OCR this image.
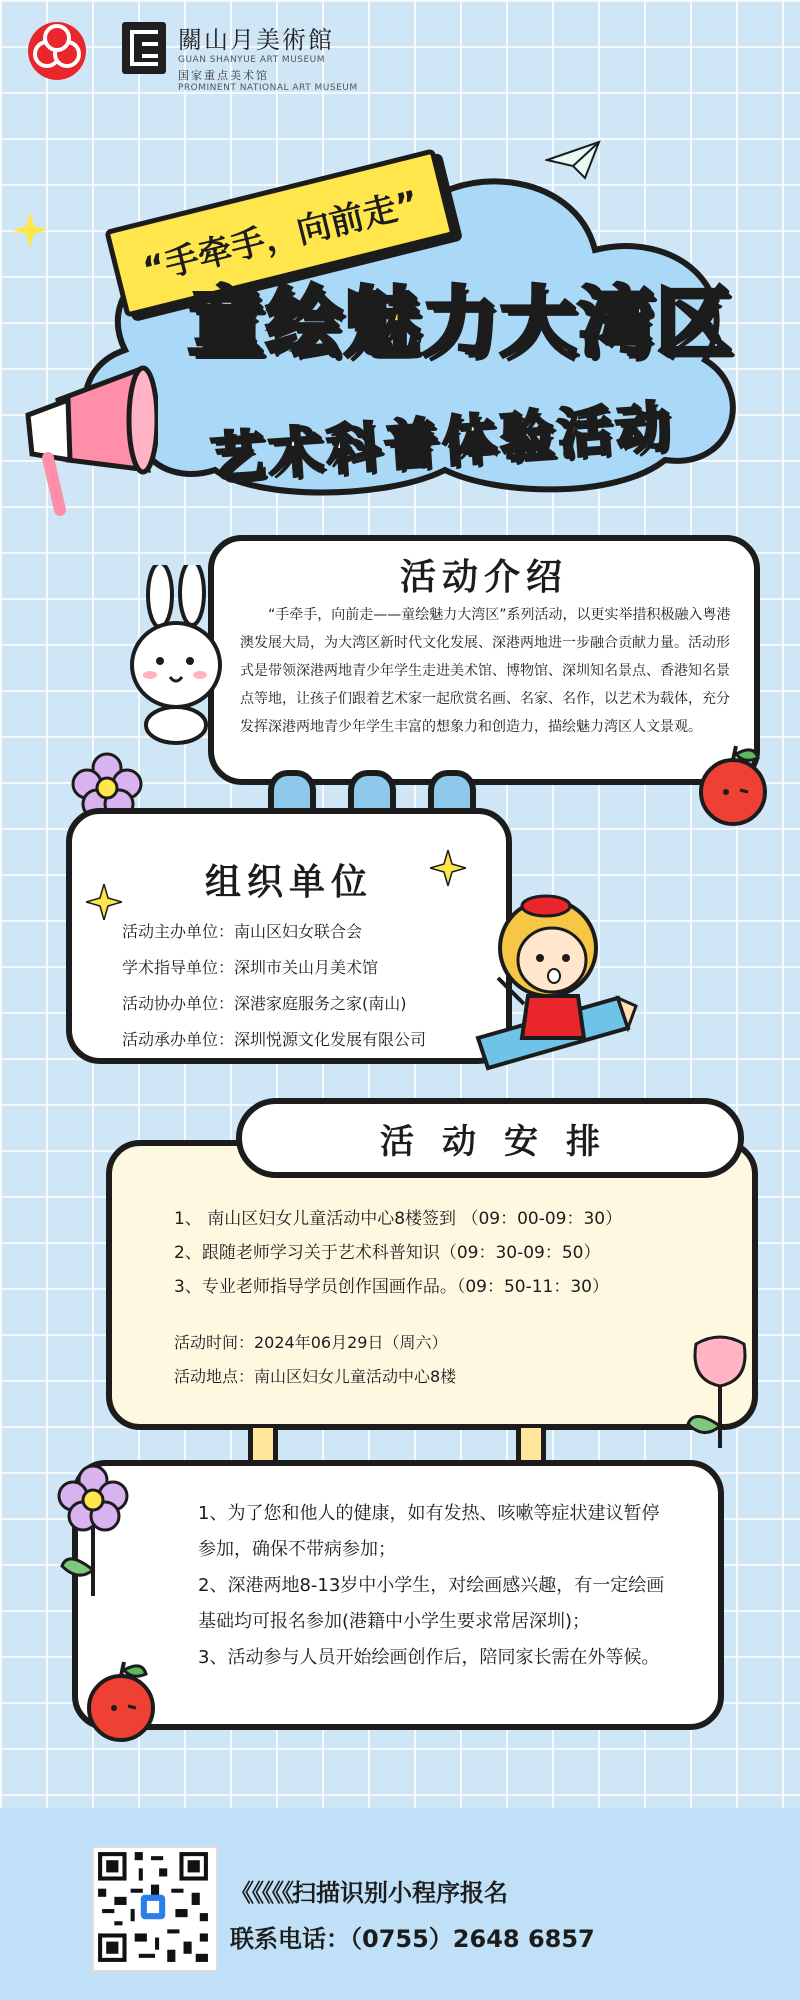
關山月美術館
GUAN SHANYUE ART MUSEUM
国家重点美术馆
PROMINENT NATIONAL ART MUSEUM
“手牵手，向前走”
童绘魅力大湾区
艺术科普体验活动
活动介绍
“手牵手，向前走——童绘魅力大湾区”系列活动，以更实举措积极融入粤港澳发展大局，为大湾区新时代文化发展、深港两地进一步融合贡献力量。活动形式是带领深港两地青少年学生走进美术馆、博物馆、深圳知名景点、香港知名景点等地，让孩子们跟着艺术家一起欣赏名画、名家、名作，以艺术为载体，充分发挥深港两地青少年学生丰富的想象力和创造力，描绘魅力湾区人文景观。
组织单位
活动主办单位：南山区妇女联合会
学术指导单位：深圳市关山月美术馆
活动协办单位：深港家庭服务之家(南山)
活动承办单位：深圳悦源文化发展有限公司
1、 南山区妇女儿童活动中心8楼签到 （09：00-09：30）
2、跟随老师学习关于艺术科普知识（09：30-09：50）
3、专业老师指导学员创作国画作品。（09：50-11：30）
活动时间：2024年06月29日（周六）
活动地点：南山区妇女儿童活动中心8楼
活动安排
1、为了您和他人的健康，如有发热、咳嗽等症状建议暂停参加，确保不带病参加；
2、深港两地8-13岁中小学生，对绘画感兴趣，有一定绘画基础均可报名参加(港籍中小学生要求常居深圳)；
3、活动参与人员开始绘画创作后，陪同家长需在外等候。
《《《《《扫描识别小程序报名
联系电话：（0755）2648 6857
